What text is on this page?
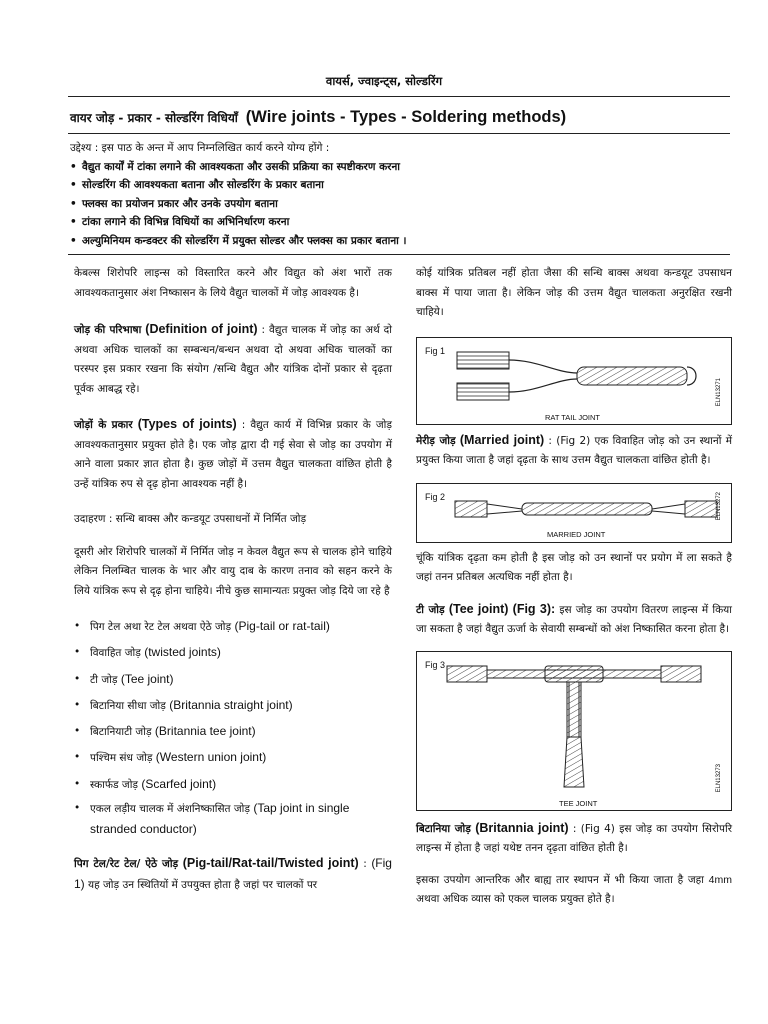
वायर्स, ज्वाइन्ट्स, सोल्डरिंग
वायर जोड़ - प्रकार - सोल्डरिंग विधियाँ (Wire joints - Types - Soldering methods)
उद्देश्य : इस पाठ के अन्त में आप निम्नलिखित कार्य करने योग्य होंगे :
• वैद्युत कार्यों में टांका लगाने की आवश्यकता और उसकी प्रक्रिया का स्पष्टीकरण करना
• सोल्डरिंग की आवश्यकता बताना और सोल्डरिंग के प्रकार बताना
• फ्लक्स का प्रयोजन प्रकार और उनके उपयोग बताना
• टांका लगाने की विभिन्न विधियों का अभिनिर्धारण करना
• अल्युमिनियम कन्डक्टर की सोल्डरिंग में प्रयुक्त सोल्डर और फ्लक्स का प्रकार बताना ।

केबल्स शिरोपरि लाइन्स को विस्तारित करने और विद्युत को अंश भारों तक आवश्यकतानुसार अंश निष्कासन के लिये वैद्युत चालकों में जोड़ आवश्यक है।

जोड़ की परिभाषा (Definition of joint) : वैद्युत चालक में जोड़ का अर्थ दो अथवा अधिक चालकों का सम्बन्धन/बन्धन अथवा दो अथवा अधिक चालकों का परस्पर इस प्रकार रखना कि संयोग /सन्धि वैद्युत और यांत्रिक दोनों प्रकार से दृढ़ता पूर्वक आबद्ध रहे।

जोड़ों के प्रकार (Types of joints) : वैद्युत कार्य में विभिन्न प्रकार के जोड़ आवश्यकतानुसार प्रयुक्त होते है। एक जोड़ द्वारा दी गई सेवा से जोड़ का उपयोग में आने वाला प्रकार ज्ञात होता है। कुछ जोड़ों में उत्तम वैद्युत चालकता वांछित होती है उन्हें यांत्रिक रुप से दृढ़ होना आवश्यक नहीं है।

उदाहरण : सन्धि बाक्स और कन्डयूट उपसाधनों में निर्मित जोड़

दूसरी ओर शिरोपरि चालकों में निर्मित जोड़ न केवल वैद्युत रूप से चालक होने चाहिये लेकिन निलम्बित चालक के भार और वायु दाब के कारण तनाव को सहन करने के लिये यांत्रिक रूप से दृढ़ होना चाहिये। नीचे कुछ सामान्यतः प्रयुक्त जोड़ दिये जा रहे है

• पिग टेल अथा रेट टेल अथवा ऐठे जोड़ (Pig-tail or rat-tail)
• विवाहित जोड़ (twisted joints)
• टी जोड़ (Tee joint)
• बिटानिया सीधा जोड़ (Britannia straight joint)
• बिटानियाटी जोड़ (Britannia tee joint)
• पश्चिम संध जोड़ (Western union joint)
• स्कार्फड जोड़ (Scarfed joint)
• एकल लड़ीय चालक में अंशनिष्कासित जोड़ (Tap joint in single stranded conductor)

पिग टेल/रेट टेल/ ऐठे जोड़ (Pig-tail/Rat-tail/Twisted joint) : (Fig 1) यह जोड़ उन स्थितियों में उपयुक्त होता है जहां पर चालकों पर

कोई यांत्रिक प्रतिबल नहीं होता जैसा की सन्धि बाक्स अथवा कन्डयूट उपसाधन बाक्स में पाया जाता है। लेकिन जोड़ की उत्तम वैद्युत चालकता अनुरक्षित रखनी चाहिये।

Fig 1
RAT TAIL JOINT
ELN13271

मेरीड़ जोड़ (Married joint) : (Fig 2) एक विवाहित जोड़ को उन स्थानों में प्रयुक्त किया जाता है जहां दृढ़ता के साथ उत्तम वैद्युत चालकता वांछित होती है।

Fig 2
MARRIED JOINT
ELN13272

चूंकि यांत्रिक दृढ़ता कम होती है इस जोड़ को उन स्थानों पर प्रयोग में ला सकते है जहां तनन प्रतिबल अत्यधिक नहीं होता है।

टी जोड़ (Tee joint) (Fig 3): इस जोड़ का उपयोग वितरण लाइन्स में किया जा सकता है जहां वैद्युत ऊर्जा के सेवायी सम्बन्धों को अंश निष्कासित करना होता है।

Fig 3
TEE JOINT
ELN13273

बिटानिया जोड़ (Britannia joint) : (Fig 4) इस जोड़ का उपयोग सिरोपरि लाइन्स में होता है जहां यथेष्ट तनन दृढ़ता वांछित होती है।

इसका उपयोग आन्तरिक और बाह्य तार स्थापन में भी किया जाता है जहा 4mm अथवा अधिक व्यास को एकल चालक प्रयुक्त होते है।
